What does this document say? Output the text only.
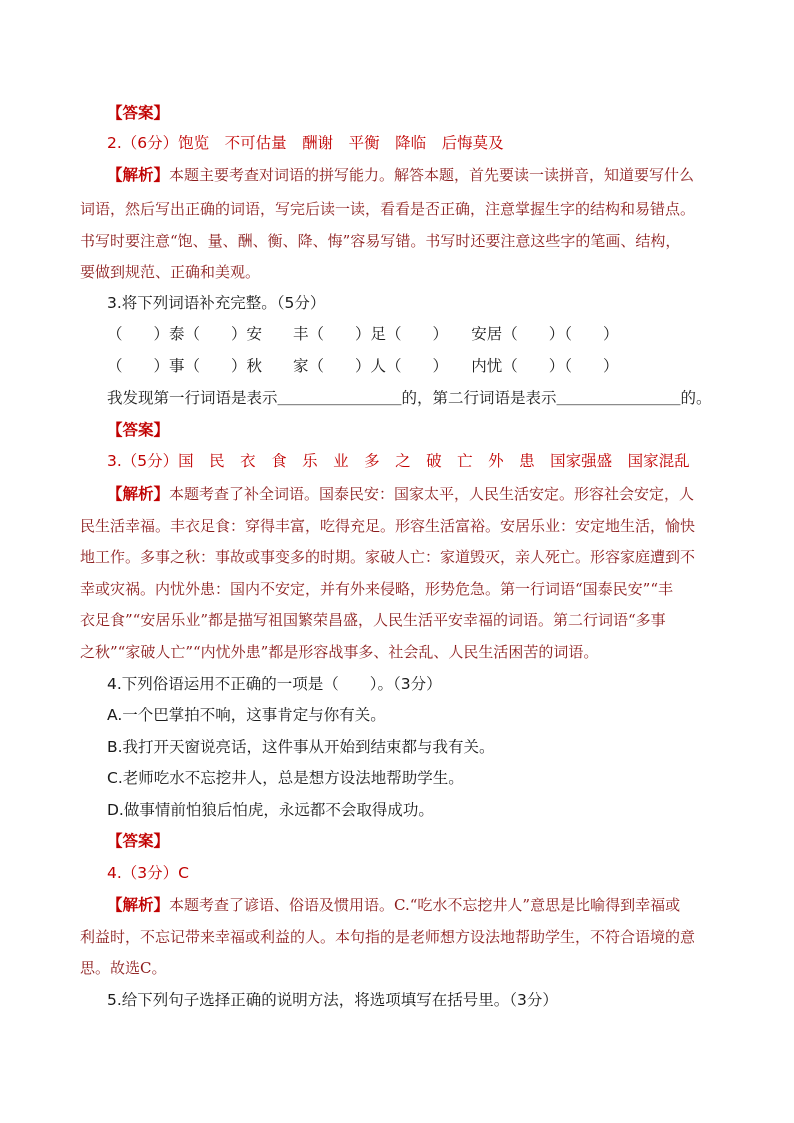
【答案】
2.（6分）饱览　不可估量　酬谢　平衡　降临　后悔莫及
【解析】本题主要考查对词语的拼写能力。解答本题，首先要读一读拼音，知道要写什么
词语，然后写出正确的词语，写完后读一读，看看是否正确，注意掌握生字的结构和易错点。
书写时要注意“饱、量、酬、衡、降、悔”容易写错。书写时还要注意这些字的笔画、结构，
要做到规范、正确和美观。
3.将下列词语补充完整。（5分）
（　　）泰（　　）安　　丰（　　）足（　　）　　安居（　　）（　　）
（　　）事（　　）秋　　家（　　）人（　　）　　内忧（　　）（　　）
我发现第一行词语是表示＿＿＿＿＿＿＿＿的，第二行词语是表示＿＿＿＿＿＿＿＿的。
【答案】
3.（5分）国　民　衣　食　乐　业　多　之　破　亡　外　患　国家强盛　国家混乱
【解析】本题考查了补全词语。国泰民安：国家太平，人民生活安定。形容社会安定，人
民生活幸福。丰衣足食：穿得丰富，吃得充足。形容生活富裕。安居乐业：安定地生活，愉快
地工作。多事之秋：事故或事变多的时期。家破人亡：家道毁灭，亲人死亡。形容家庭遭到不
幸或灾祸。内忧外患：国内不安定，并有外来侵略，形势危急。第一行词语“国泰民安”“丰
衣足食”“安居乐业”都是描写祖国繁荣昌盛，人民生活平安幸福的词语。第二行词语“多事
之秋”“家破人亡”“内忧外患”都是形容战事多、社会乱、人民生活困苦的词语。
4.下列俗语运用不正确的一项是（　　）。（3分）
A.一个巴掌拍不响，这事肯定与你有关。
B.我打开天窗说亮话，这件事从开始到结束都与我有关。
C.老师吃水不忘挖井人，总是想方设法地帮助学生。
D.做事情前怕狼后怕虎，永远都不会取得成功。
【答案】
4.（3分）C
【解析】本题考查了谚语、俗语及惯用语。C.“吃水不忘挖井人”意思是比喻得到幸福或
利益时，不忘记带来幸福或利益的人。本句指的是老师想方设法地帮助学生，不符合语境的意
思。故选C。
5.给下列句子选择正确的说明方法，将选项填写在括号里。（3分）
